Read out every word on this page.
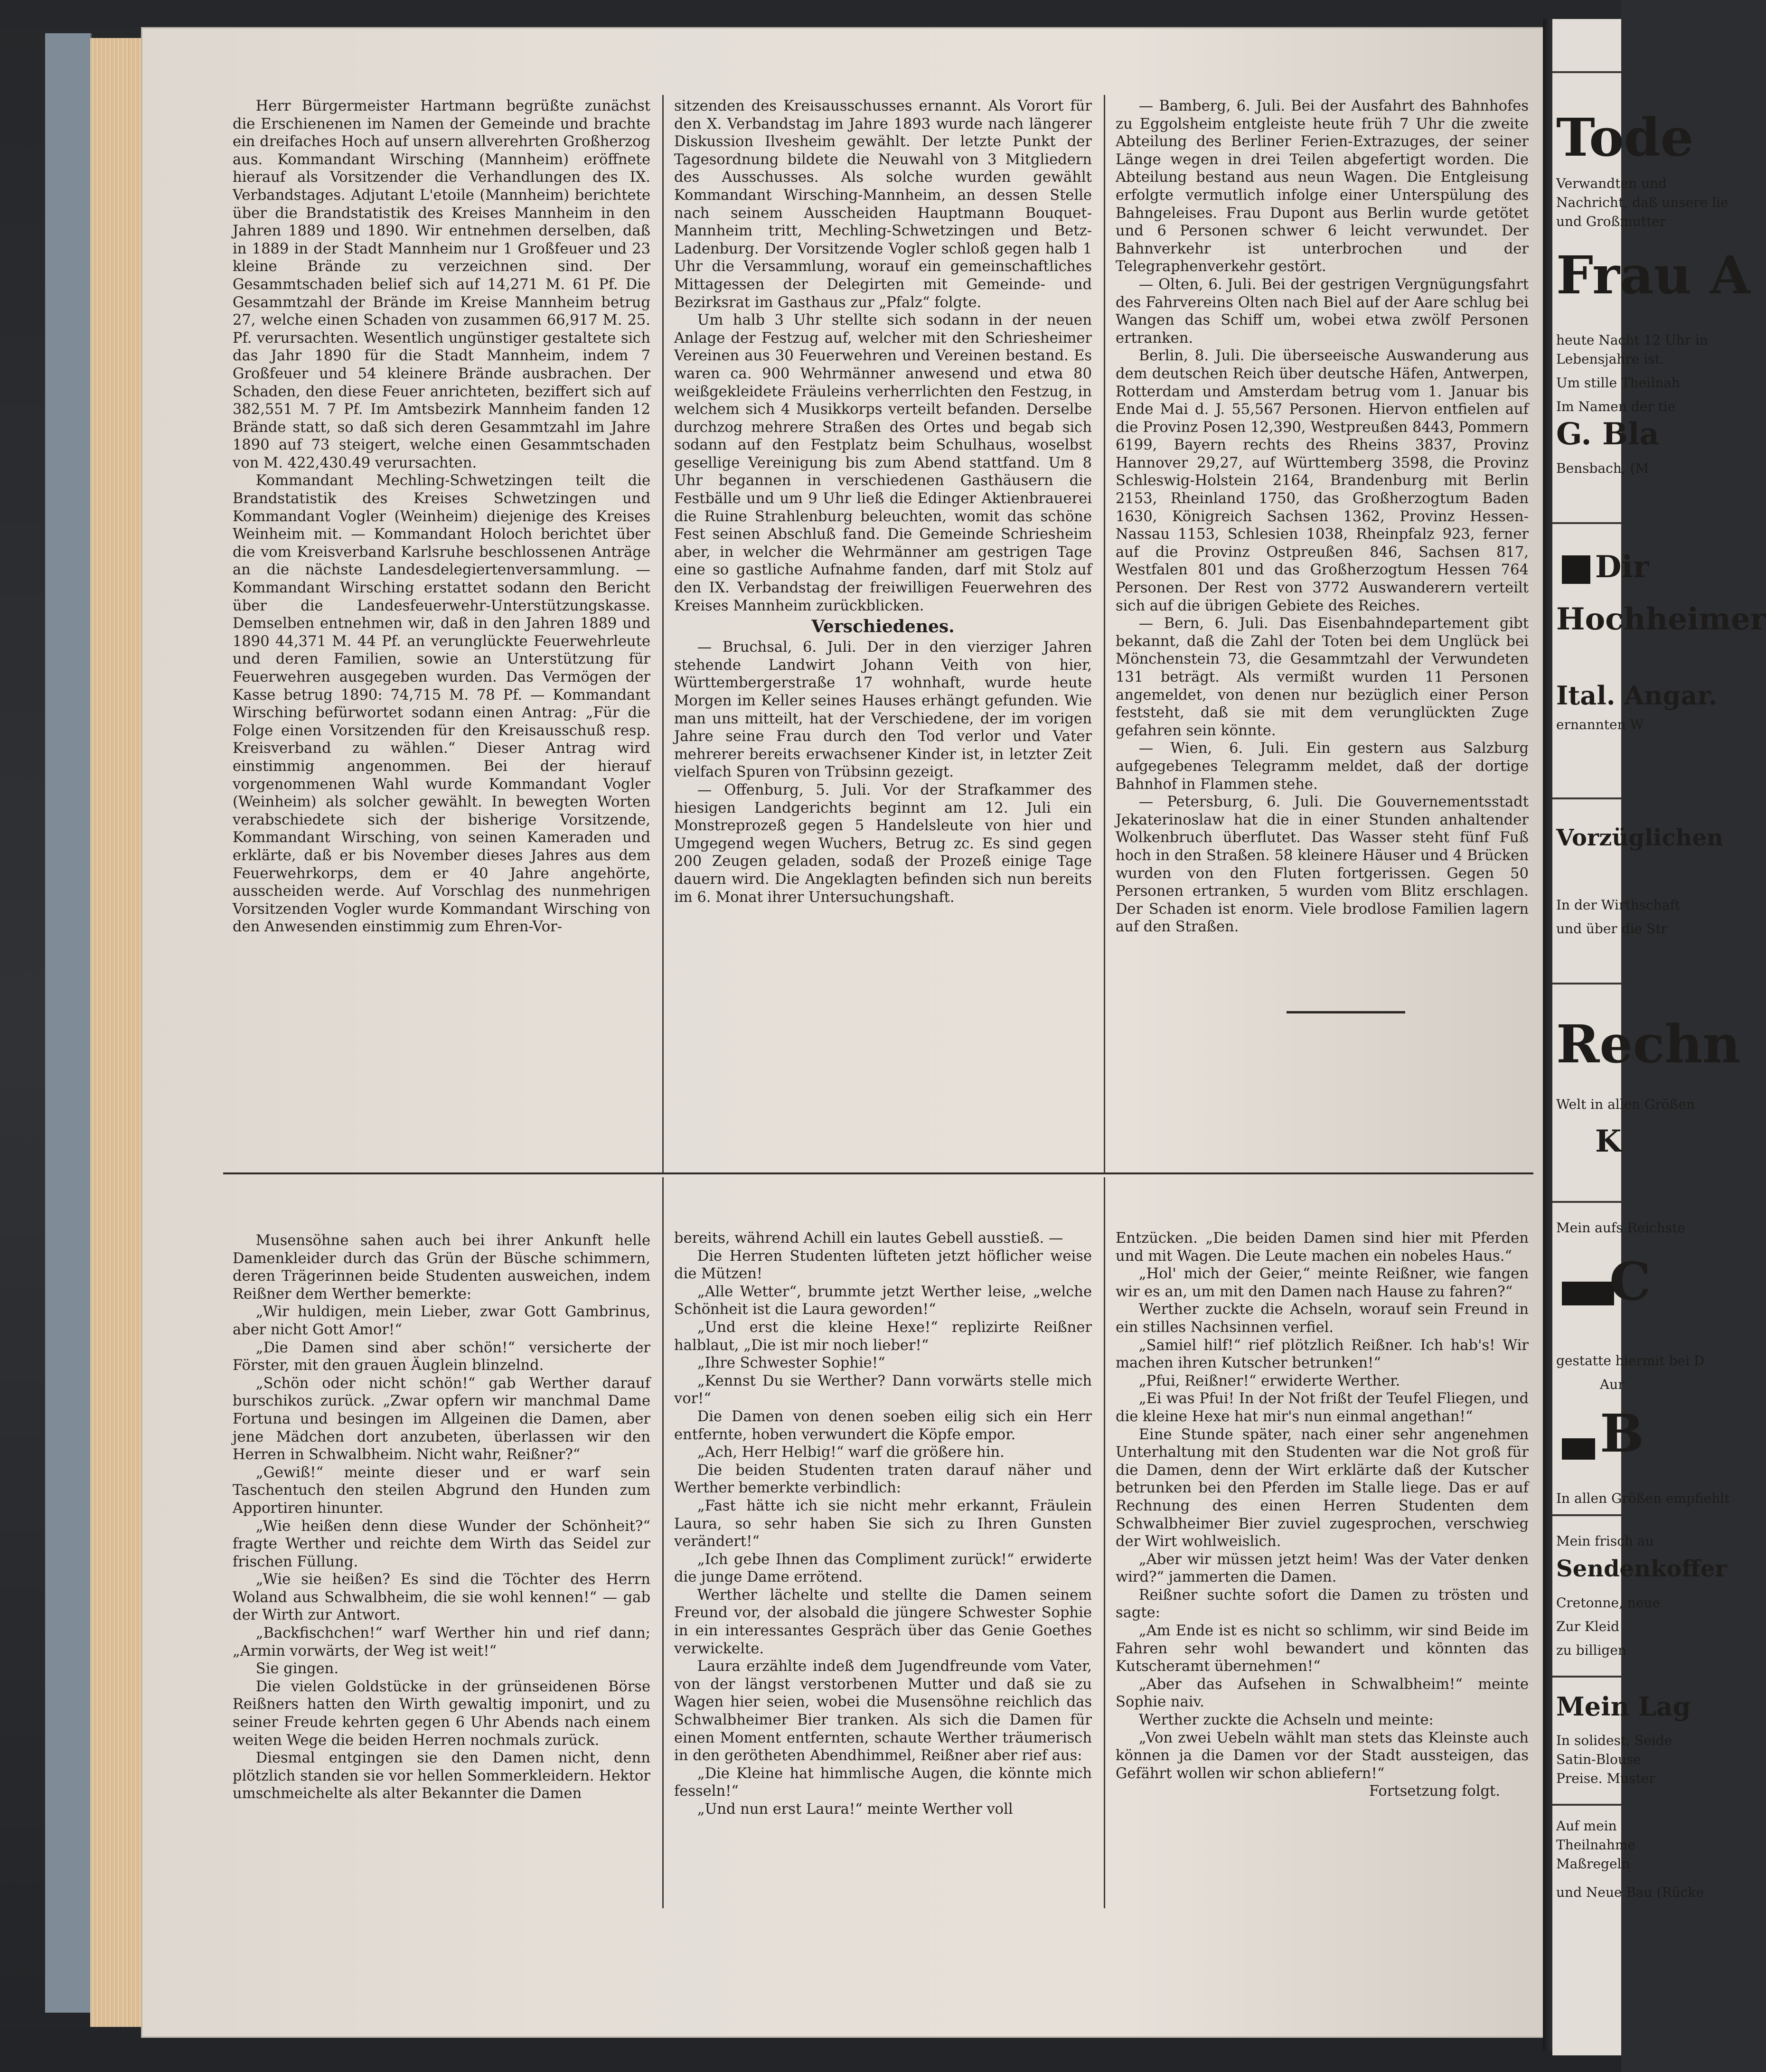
Herr Bürgermeister Hartmann begrüßte zunächst die Erschienenen im Namen der Gemeinde und brachte ein dreifaches Hoch auf unsern allverehrten Großherzog aus. Kommandant Wirsching (Mannheim) eröffnete hierauf als Vorsitzender die Verhandlungen des IX. Verbandstages. Adjutant L'etoile (Mannheim) berichtete über die Brandstatistik des Kreises Mannheim in den Jahren 1889 und 1890. Wir entnehmen derselben, daß in 1889 in der Stadt Mannheim nur 1 Großfeuer und 23 kleine Brände zu verzeichnen sind. Der Gesammtschaden belief sich auf 14,271 M. 61 Pf. Die Gesammtzahl der Brände im Kreise Mannheim betrug 27, welche einen Schaden von zusammen 66,917 M. 25. Pf. verursachten. Wesentlich ungünstiger gestaltete sich das Jahr 1890 für die Stadt Mannheim, indem 7 Großfeuer und 54 kleinere Brände ausbrachen. Der Schaden, den diese Feuer anrichteten, beziffert sich auf 382,551 M. 7 Pf. Im Amtsbezirk Mannheim fanden 12 Brände statt, so daß sich deren Gesammtzahl im Jahre 1890 auf 73 steigert, welche einen Gesammtschaden von M. 422,430.49 verursachten.

Kommandant Mechling-Schwetzingen teilt die Brandstatistik des Kreises Schwetzingen und Kommandant Vogler (Weinheim) diejenige des Kreises Weinheim mit. — Kommandant Holoch berichtet über die vom Kreisverband Karlsruhe beschlossenen Anträge an die nächste Landesdelegiertenversammlung. — Kommandant Wirsching erstattet sodann den Bericht über die Landesfeuerwehr-Unterstützungskasse. Demselben entnehmen wir, daß in den Jahren 1889 und 1890 44,371 M. 44 Pf. an verunglückte Feuerwehrleute und deren Familien, sowie an Unterstützung für Feuerwehren ausgegeben wurden. Das Vermögen der Kasse betrug 1890: 74,715 M. 78 Pf. — Kommandant Wirsching befürwortet sodann einen Antrag: „Für die Folge einen Vorsitzenden für den Kreisausschuß resp. Kreisverband zu wählen.“ Dieser Antrag wird einstimmig angenommen. Bei der hierauf vorgenommenen Wahl wurde Kommandant Vogler (Weinheim) als solcher gewählt. In bewegten Worten verabschiedete sich der bisherige Vorsitzende, Kommandant Wirsching, von seinen Kameraden und erklärte, daß er bis November dieses Jahres aus dem Feuerwehrkorps, dem er 40 Jahre angehörte, ausscheiden werde. Auf Vorschlag des nunmehrigen Vorsitzenden Vogler wurde Kommandant Wirsching von den Anwesenden einstimmig zum Ehren-Vor-

sitzenden des Kreisausschusses ernannt. Als Vorort für den X. Verbandstag im Jahre 1893 wurde nach längerer Diskussion Ilvesheim gewählt. Der letzte Punkt der Tagesordnung bildete die Neuwahl von 3 Mitgliedern des Ausschusses. Als solche wurden gewählt Kommandant Wirsching-Mannheim, an dessen Stelle nach seinem Ausscheiden Hauptmann Bouquet-Mannheim tritt, Mechling-Schwetzingen und Betz-Ladenburg. Der Vorsitzende Vogler schloß gegen halb 1 Uhr die Versammlung, worauf ein gemeinschaftliches Mittagessen der Delegirten mit Gemeinde- und Bezirksrat im Gasthaus zur „Pfalz“ folgte.

Um halb 3 Uhr stellte sich sodann in der neuen Anlage der Festzug auf, welcher mit den Schriesheimer Vereinen aus 30 Feuerwehren und Vereinen bestand. Es waren ca. 900 Wehrmänner anwesend und etwa 80 weißgekleidete Fräuleins verherrlichten den Festzug, in welchem sich 4 Musikkorps verteilt befanden. Derselbe durchzog mehrere Straßen des Ortes und begab sich sodann auf den Festplatz beim Schulhaus, woselbst gesellige Vereinigung bis zum Abend stattfand. Um 8 Uhr begannen in verschiedenen Gasthäusern die Festbälle und um 9 Uhr ließ die Edinger Aktienbrauerei die Ruine Strahlenburg beleuchten, womit das schöne Fest seinen Abschluß fand. Die Gemeinde Schriesheim aber, in welcher die Wehrmänner am gestrigen Tage eine so gastliche Aufnahme fanden, darf mit Stolz auf den IX. Verbandstag der freiwilligen Feuerwehren des Kreises Mannheim zurückblicken.

Verschiedenes.

— Bruchsal, 6. Juli. Der in den vierziger Jahren stehende Landwirt Johann Veith von hier, Württembergerstraße 17 wohnhaft, wurde heute Morgen im Keller seines Hauses erhängt gefunden. Wie man uns mitteilt, hat der Verschiedene, der im vorigen Jahre seine Frau durch den Tod verlor und Vater mehrerer bereits erwachsener Kinder ist, in letzter Zeit vielfach Spuren von Trübsinn gezeigt.

— Offenburg, 5. Juli. Vor der Strafkammer des hiesigen Landgerichts beginnt am 12. Juli ein Monstreprozeß gegen 5 Handelsleute von hier und Umgegend wegen Wuchers, Betrug zc. Es sind gegen 200 Zeugen geladen, sodaß der Prozeß einige Tage dauern wird. Die Angeklagten befinden sich nun bereits im 6. Monat ihrer Untersuchungshaft.

— Bamberg, 6. Juli. Bei der Ausfahrt des Bahnhofes zu Eggolsheim entgleiste heute früh 7 Uhr die zweite Abteilung des Berliner Ferien-Extrazuges, der seiner Länge wegen in drei Teilen abgefertigt worden. Die Abteilung bestand aus neun Wagen. Die Entgleisung erfolgte vermutlich infolge einer Unterspülung des Bahngeleises. Frau Dupont aus Berlin wurde getötet und 6 Personen schwer 6 leicht verwundet. Der Bahnverkehr ist unterbrochen und der Telegraphenverkehr gestört.

— Olten, 6. Juli. Bei der gestrigen Vergnügungsfahrt des Fahrvereins Olten nach Biel auf der Aare schlug bei Wangen das Schiff um, wobei etwa zwölf Personen ertranken.

Berlin, 8. Juli. Die überseeische Auswanderung aus dem deutschen Reich über deutsche Häfen, Antwerpen, Rotterdam und Amsterdam betrug vom 1. Januar bis Ende Mai d. J. 55,567 Personen. Hiervon entfielen auf die Provinz Posen 12,390, Westpreußen 8443, Pommern 6199, Bayern rechts des Rheins 3837, Provinz Hannover 29,27, auf Württemberg 3598, die Provinz Schleswig-Holstein 2164, Brandenburg mit Berlin 2153, Rheinland 1750, das Großherzogtum Baden 1630, Königreich Sachsen 1362, Provinz Hessen-Nassau 1153, Schlesien 1038, Rheinpfalz 923, ferner auf die Provinz Ostpreußen 846, Sachsen 817, Westfalen 801 und das Großherzogtum Hessen 764 Personen. Der Rest von 3772 Auswanderern verteilt sich auf die übrigen Gebiete des Reiches.

— Bern, 6. Juli. Das Eisenbahndepartement gibt bekannt, daß die Zahl der Toten bei dem Unglück bei Mönchenstein 73, die Gesammtzahl der Verwundeten 131 beträgt. Als vermißt wurden 11 Personen angemeldet, von denen nur bezüglich einer Person feststeht, daß sie mit dem verunglückten Zuge gefahren sein könnte.

— Wien, 6. Juli. Ein gestern aus Salzburg aufgegebenes Telegramm meldet, daß der dortige Bahnhof in Flammen stehe.

— Petersburg, 6. Juli. Die Gouvernementsstadt Jekaterinoslaw hat die in einer Stunden anhaltender Wolkenbruch überflutet. Das Wasser steht fünf Fuß hoch in den Straßen. 58 kleinere Häuser und 4 Brücken wurden von den Fluten fortgerissen. Gegen 50 Personen ertranken, 5 wurden vom Blitz erschlagen. Der Schaden ist enorm. Viele brodlose Familien lagern auf den Straßen.

Musensöhne sahen auch bei ihrer Ankunft helle Damenkleider durch das Grün der Büsche schimmern, deren Trägerinnen beide Studenten ausweichen, indem Reißner dem Werther bemerkte:

„Wir huldigen, mein Lieber, zwar Gott Gambrinus, aber nicht Gott Amor!“

„Die Damen sind aber schön!“ versicherte der Förster, mit den grauen Äuglein blinzelnd.

„Schön oder nicht schön!“ gab Werther darauf burschikos zurück. „Zwar opfern wir manchmal Dame Fortuna und besingen im Allgeinen die Damen, aber jene Mädchen dort anzubeten, überlassen wir den Herren in Schwalbheim. Nicht wahr, Reißner?“

„Gewiß!“ meinte dieser und er warf sein Taschentuch den steilen Abgrund den Hunden zum Apportiren hinunter.

„Wie heißen denn diese Wunder der Schönheit?“ fragte Werther und reichte dem Wirth das Seidel zur frischen Füllung.

„Wie sie heißen? Es sind die Töchter des Herrn Woland aus Schwalbheim, die sie wohl kennen!“ — gab der Wirth zur Antwort.

„Backfischchen!“ warf Werther hin und rief dann; „Armin vorwärts, der Weg ist weit!“

Sie gingen.

Die vielen Goldstücke in der grünseidenen Börse Reißners hatten den Wirth gewaltig imponirt, und zu seiner Freude kehrten gegen 6 Uhr Abends nach einem weiten Wege die beiden Herren nochmals zurück.

Diesmal entgingen sie den Damen nicht, denn plötzlich standen sie vor hellen Sommerkleidern. Hektor umschmeichelte als alter Bekannter die Damen

bereits, während Achill ein lautes Gebell ausstieß. —

Die Herren Studenten lüfteten jetzt höflicher weise die Mützen!

„Alle Wetter“, brummte jetzt Werther leise, „welche Schönheit ist die Laura geworden!“

„Und erst die kleine Hexe!“ replizirte Reißner halblaut, „Die ist mir noch lieber!“

„Ihre Schwester Sophie!“

„Kennst Du sie Werther? Dann vorwärts stelle mich vor!“

Die Damen von denen soeben eilig sich ein Herr entfernte, hoben verwundert die Köpfe empor.

„Ach, Herr Helbig!“ warf die größere hin.

Die beiden Studenten traten darauf näher und Werther bemerkte verbindlich:

„Fast hätte ich sie nicht mehr erkannt, Fräulein Laura, so sehr haben Sie sich zu Ihren Gunsten verändert!“

„Ich gebe Ihnen das Compliment zurück!“ erwiderte die junge Dame errötend.

Werther lächelte und stellte die Damen seinem Freund vor, der alsobald die jüngere Schwester Sophie in ein interessantes Gespräch über das Genie Goethes verwickelte.

Laura erzählte indeß dem Jugendfreunde vom Vater, von der längst verstorbenen Mutter und daß sie zu Wagen hier seien, wobei die Musensöhne reichlich das Schwalbheimer Bier tranken. Als sich die Damen für einen Moment entfernten, schaute Werther träumerisch in den gerötheten Abendhimmel, Reißner aber rief aus:

„Die Kleine hat himmlische Augen, die könnte mich fesseln!“

„Und nun erst Laura!“ meinte Werther voll

Entzücken. „Die beiden Damen sind hier mit Pferden und mit Wagen. Die Leute machen ein nobeles Haus.“

„Hol' mich der Geier,“ meinte Reißner, wie fangen wir es an, um mit den Damen nach Hause zu fahren?“

Werther zuckte die Achseln, worauf sein Freund in ein stilles Nachsinnen verfiel.

„Samiel hilf!“ rief plötzlich Reißner. Ich hab's! Wir machen ihren Kutscher betrunken!“

„Pfui, Reißner!“ erwiderte Werther.

„Ei was Pfui! In der Not frißt der Teufel Fliegen, und die kleine Hexe hat mir's nun einmal angethan!“

Eine Stunde später, nach einer sehr angenehmen Unterhaltung mit den Studenten war die Not groß für die Damen, denn der Wirt erklärte daß der Kutscher betrunken bei den Pferden im Stalle liege. Das er auf Rechnung des einen Herren Studenten dem Schwalbheimer Bier zuviel zugesprochen, verschwieg der Wirt wohlweislich.

„Aber wir müssen jetzt heim! Was der Vater denken wird?“ jammerten die Damen.

Reißner suchte sofort die Damen zu trösten und sagte:

„Am Ende ist es nicht so schlimm, wir sind Beide im Fahren sehr wohl bewandert und könnten das Kutscheramt übernehmen!“

„Aber das Aufsehen in Schwalbheim!“ meinte Sophie naiv.

Werther zuckte die Achseln und meinte:

„Von zwei Uebeln wählt man stets das Kleinste auch können ja die Damen vor der Stadt aussteigen, das Gefährt wollen wir schon abliefern!“

Fortsetzung folgt.

Tode
Verwandten und
Nachricht, daß unsere lie
und Großmutter
Frau A
heute Nacht 12 Uhr in
Lebensjahre ist.
Um stille Theilnah
Im Namen der tie
G. Bla
Bensbach, (M
Dir
Hochheimer
Ital. Angar.
ernannten W
Vorzüglichen
In der Wirthschaft
und über die Str
Rechn
Welt in allen Größen
K
Mein aufs Reichste
C
gestatte hiermit bei D
Aur
B
In allen Größen empfiehlt
Mein frisch au
Sendenkoffer
Cretonne, neue
Zur Kleid
zu billigen
Mein Lag
In solidest, Seide
Satin-Blouse
Preise. Muster
Auf mein
Theilnahme
Maßregeln
und Neue Bau (Rücke
